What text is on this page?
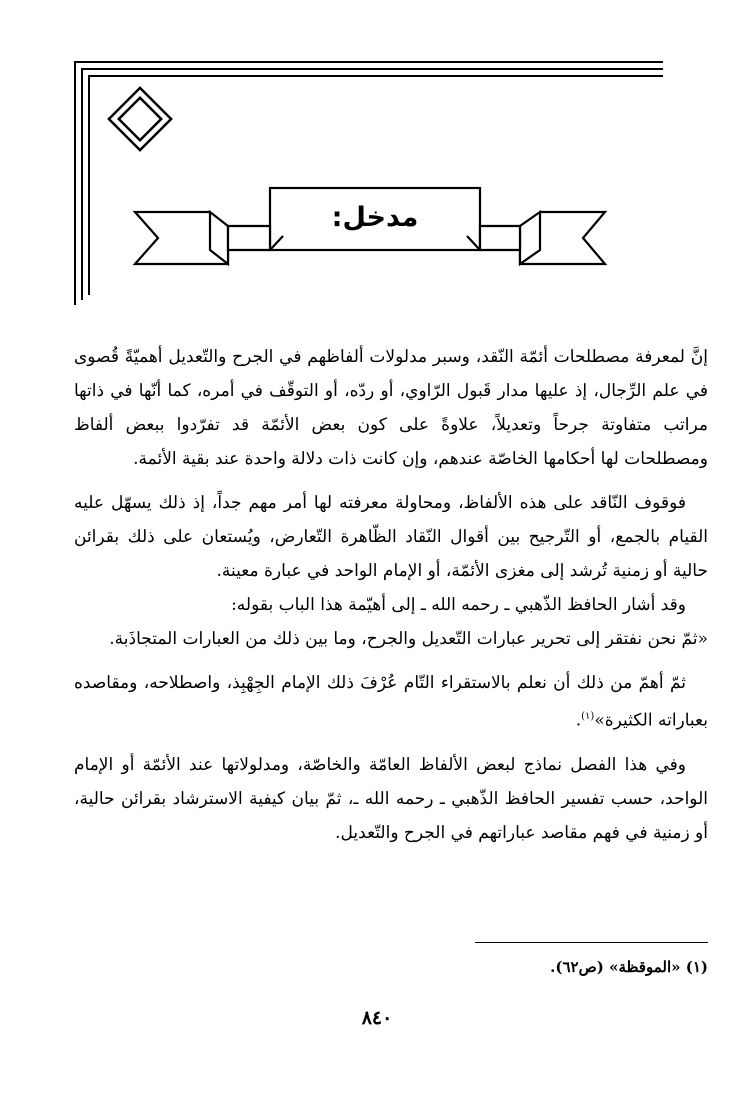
مدخل:

إنَّ لمعرفة مصطلحات أئمّة النّقد، وسبر مدلولات ألفاظهم في الجرح والتّعديل أهميّةً قُصوى في علم الرِّجال، إذ عليها مدار قَبول الرّاوي، أو ردّه، أو التوقّف في أمره، كما أنّها في ذاتها مراتب متفاوتة جرحاً وتعديلاً، علاوةً على كون بعض الأئمّة قد تفرّدوا ببعض ألفاظ ومصطلحات لها أحكامها الخاصّة عندهم، وإن كانت ذات دلالة واحدة عند بقية الأئمة.

فوقوف النّاقد على هذه الألفاظ، ومحاولة معرفته لها أمر مهم جداً، إذ ذلك يسهّل عليه القيام بالجمع، أو التّرجيح بين أقوال النّقاد الظّاهرة التّعارض، ويُستعان على ذلك بقرائن حالية أو زمنية تُرشد إلى مغزى الأئمّة، أو الإمام الواحد في عبارة معينة.

وقد أشار الحافظ الذّهبي ـ رحمه الله ـ إلى أهيّمة هذا الباب بقوله:

«ثمّ نحن نفتقر إلى تحرير عبارات التّعديل والجرح، وما بين ذلك من العبارات المتجاذَبة.

ثمّ أهمّ من ذلك أن نعلم بالاستقراء التّام عُرْفَ ذلك الإمام الجِهْبِذ، واصطلاحه، ومقاصده بعباراته الكثيرة»$^{(١)}$.

وفي هذا الفصل نماذج لبعض الألفاظ العامّة والخاصّة، ومدلولاتها عند الأئمّة أو الإمام الواحد، حسب تفسير الحافظ الذّهبي ـ رحمه الله ـ، ثمّ بيان كيفية الاسترشاد بقرائن حالية، أو زمنية في فهم مقاصد عباراتهم في الجرح والتّعديل.

(١) «الموقظة» (ص٦٢).
٨٤٠
